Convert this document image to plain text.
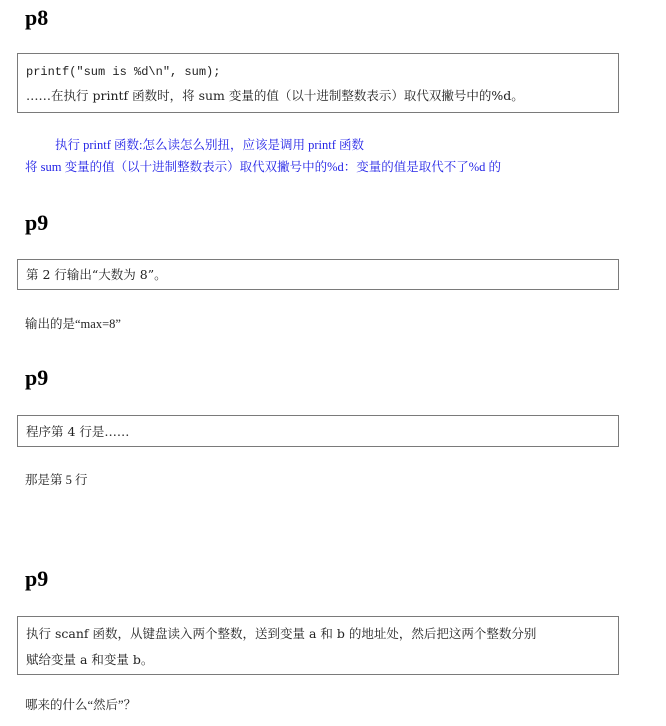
p8
printf("sum is %d\n", sum);
……在执行 printf 函数时，将 sum 变量的值（以十进制整数表示）取代双撇号中的%d。
执行 printf 函数:怎么读怎么别扭，应该是调用 printf 函数
将 sum 变量的值（以十进制整数表示）取代双撇号中的%d：变量的值是取代不了%d 的
p9
第 2 行输出“大数为 8”。
输出的是“max=8”
p9
程序第 4 行是……
那是第 5 行
p9
执行 scanf 函数，从键盘读入两个整数，送到变量 a 和 b 的地址处，然后把这两个整数分别
赋给变量 a 和变量 b。
哪来的什么“然后”？
